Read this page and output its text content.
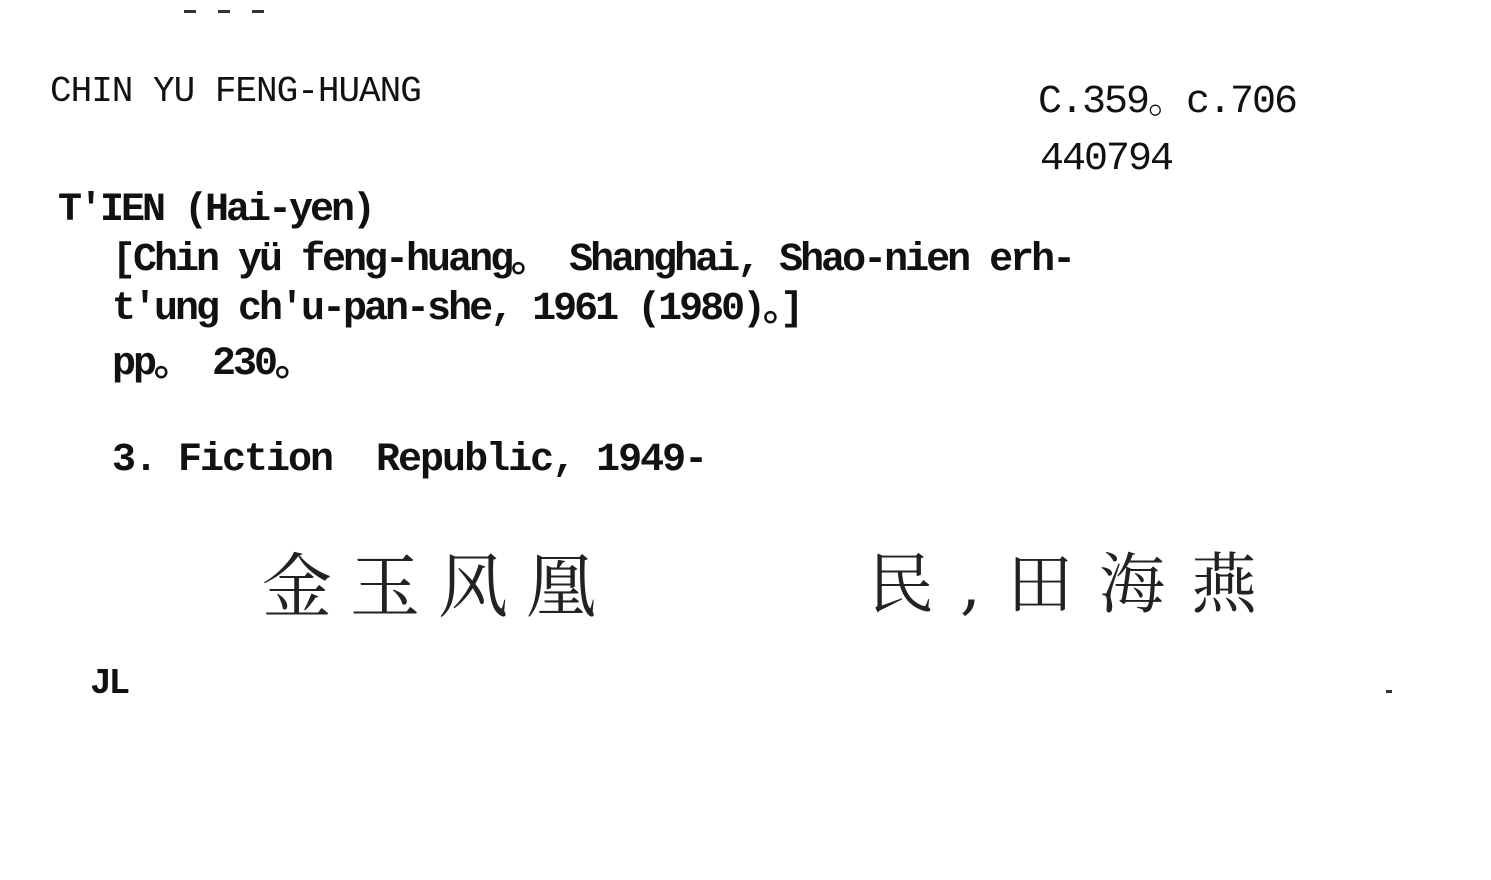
CHIN YU FENG-HUANG	C.359。c.706
440794
T'IEN (Hai-yen)
[Chin yü feng-huang。 Shanghai, Shao-nien erh-
t'ung ch'u-pan-she, 1961 (1980)。]
pp。 230。
3. Fiction  Republic, 1949-
金玉风凰	民,田海燕
JL
